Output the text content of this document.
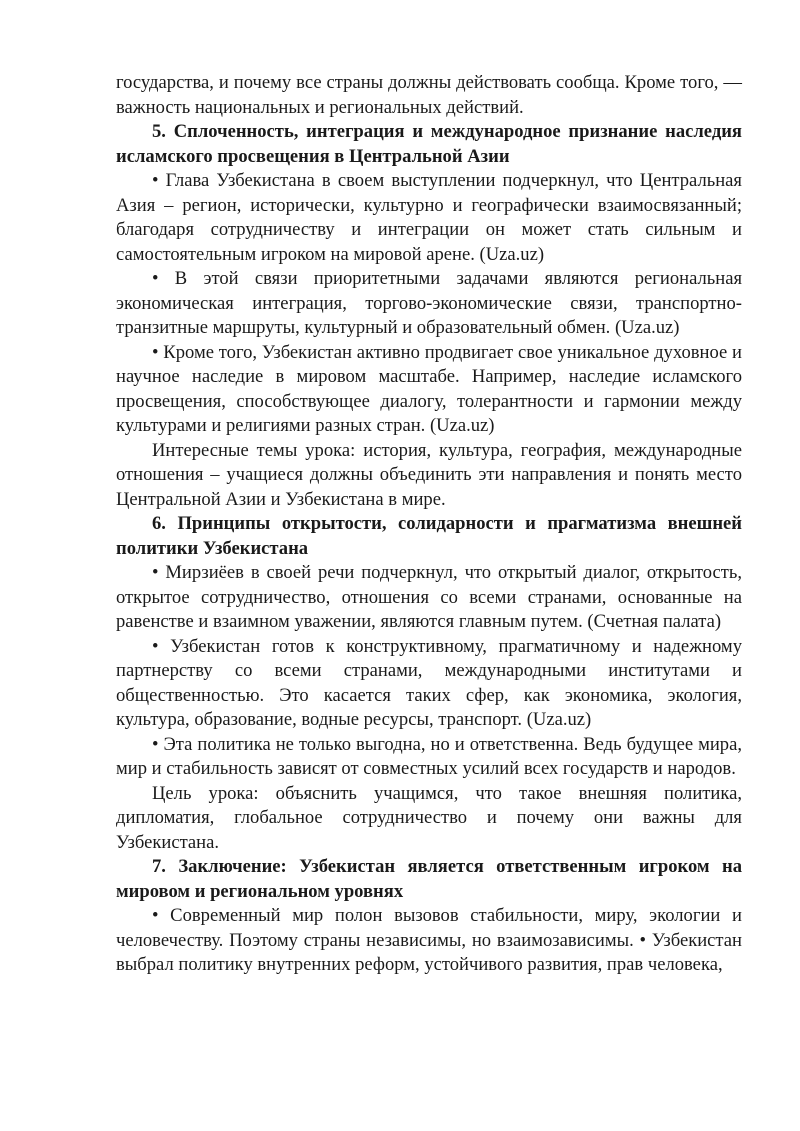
государства, и почему все страны должны действовать сообща. Кроме того, — важность национальных и региональных действий.

5. Сплоченность, интеграция и международное признание наследия исламского просвещения в Центральной Азии

• Глава Узбекистана в своем выступлении подчеркнул, что Центральная Азия – регион, исторически, культурно и географически взаимосвязанный; благодаря сотрудничеству и интеграции он может стать сильным и самостоятельным игроком на мировой арене. (Uza.uz)

• В этой связи приоритетными задачами являются региональная экономическая интеграция, торгово-экономические связи, транспортно-транзитные маршруты, культурный и образовательный обмен. (Uza.uz)

• Кроме того, Узбекистан активно продвигает свое уникальное духовное и научное наследие в мировом масштабе. Например, наследие исламского просвещения, способствующее диалогу, толерантности и гармонии между культурами и религиями разных стран. (Uza.uz)

Интересные темы урока: история, культура, география, международные отношения – учащиеся должны объединить эти направления и понять место Центральной Азии и Узбекистана в мире.

6. Принципы открытости, солидарности и прагматизма внешней политики Узбекистана

• Мирзиёев в своей речи подчеркнул, что открытый диалог, открытость, открытое сотрудничество, отношения со всеми странами, основанные на равенстве и взаимном уважении, являются главным путем. (Счетная палата)

• Узбекистан готов к конструктивному, прагматичному и надежному партнерству со всеми странами, международными институтами и общественностью. Это касается таких сфер, как экономика, экология, культура, образование, водные ресурсы, транспорт. (Uza.uz)

• Эта политика не только выгодна, но и ответственна. Ведь будущее мира, мир и стабильность зависят от совместных усилий всех государств и народов.

Цель урока: объяснить учащимся, что такое внешняя политика, дипломатия, глобальное сотрудничество и почему они важны для Узбекистана.

7. Заключение: Узбекистан является ответственным игроком на мировом и региональном уровнях

• Современный мир полон вызовов стабильности, миру, экологии и человечеству. Поэтому страны независимы, но взаимозависимы. • Узбекистан выбрал политику внутренних реформ, устойчивого развития, прав человека,
